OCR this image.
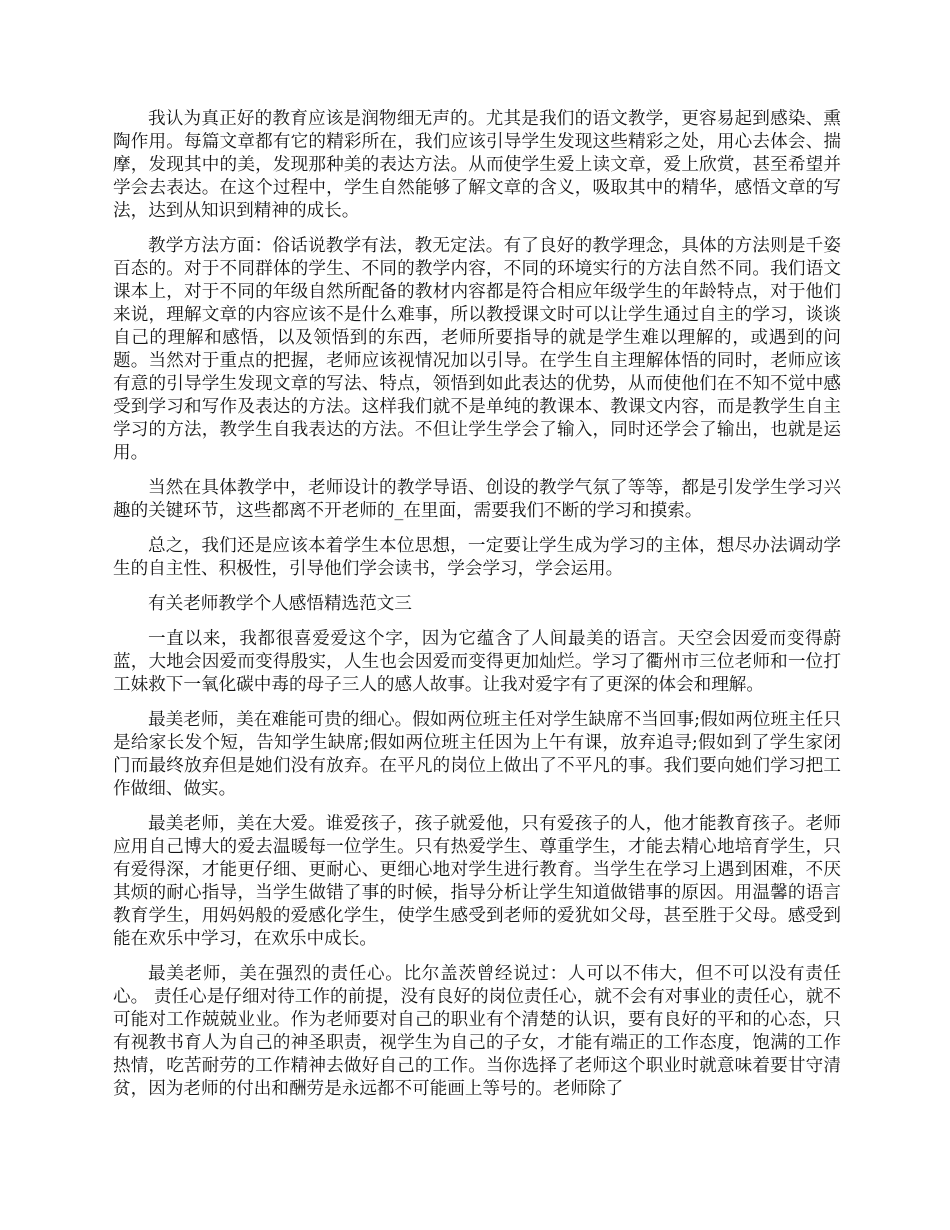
我认为真正好的教育应该是润物细无声的。尤其是我们的语文教学，更容易起到感染、熏陶作用。每篇文章都有它的精彩所在，我们应该引导学生发现这些精彩之处，用心去体会、揣摩，发现其中的美，发现那种美的表达方法。从而使学生爱上读文章，爱上欣赏，甚至希望并学会去表达。在这个过程中，学生自然能够了解文章的含义，吸取其中的精华，感悟文章的写法，达到从知识到精神的成长。

教学方法方面：俗话说教学有法，教无定法。有了良好的教学理念，具体的方法则是千姿百态的。对于不同群体的学生、不同的教学内容，不同的环境实行的方法自然不同。我们语文课本上，对于不同的年级自然所配备的教材内容都是符合相应年级学生的年龄特点，对于他们来说，理解文章的内容应该不是什么难事，所以教授课文时可以让学生通过自主的学习，谈谈自己的理解和感悟，以及领悟到的东西，老师所要指导的就是学生难以理解的，或遇到的问题。当然对于重点的把握，老师应该视情况加以引导。在学生自主理解体悟的同时，老师应该有意的引导学生发现文章的写法、特点，领悟到如此表达的优势，从而使他们在不知不觉中感受到学习和写作及表达的方法。这样我们就不是单纯的教课本、教课文内容，而是教学生自主学习的方法，教学生自我表达的方法。不但让学生学会了输入，同时还学会了输出，也就是运用。

当然在具体教学中，老师设计的教学导语、创设的教学气氛了等等，都是引发学生学习兴趣的关键环节，这些都离不开老师的_在里面，需要我们不断的学习和摸索。

总之，我们还是应该本着学生本位思想，一定要让学生成为学习的主体，想尽办法调动学生的自主性、积极性，引导他们学会读书，学会学习，学会运用。

有关老师教学个人感悟精选范文三

一直以来，我都很喜爱爱这个字，因为它蕴含了人间最美的语言。天空会因爱而变得蔚蓝，大地会因爱而变得殷实，人生也会因爱而变得更加灿烂。学习了衢州市三位老师和一位打工妹救下一氧化碳中毒的母子三人的感人故事。让我对爱字有了更深的体会和理解。

最美老师，美在难能可贵的细心。假如两位班主任对学生缺席不当回事;假如两位班主任只是给家长发个短，告知学生缺席;假如两位班主任因为上午有课，放弃追寻;假如到了学生家闭门而最终放弃但是她们没有放弃。在平凡的岗位上做出了不平凡的事。我们要向她们学习把工作做细、做实。

最美老师，美在大爱。谁爱孩子，孩子就爱他，只有爱孩子的人，他才能教育孩子。老师应用自己博大的爱去温暖每一位学生。只有热爱学生、尊重学生，才能去精心地培育学生，只有爱得深，才能更仔细、更耐心、更细心地对学生进行教育。当学生在学习上遇到困难，不厌其烦的耐心指导，当学生做错了事的时候，指导分析让学生知道做错事的原因。用温馨的语言教育学生，用妈妈般的爱感化学生，使学生感受到老师的爱犹如父母，甚至胜于父母。感受到能在欢乐中学习，在欢乐中成长。

最美老师，美在强烈的责任心。比尔盖茨曾经说过：人可以不伟大，但不可以没有责任心。 责任心是仔细对待工作的前提，没有良好的岗位责任心，就不会有对事业的责任心，就不可能对工作兢兢业业。作为老师要对自己的职业有个清楚的认识，要有良好的平和的心态，只有视教书育人为自己的神圣职责，视学生为自己的子女，才能有端正的工作态度，饱满的工作热情，吃苦耐劳的工作精神去做好自己的工作。当你选择了老师这个职业时就意味着要甘守清贫，因为老师的付出和酬劳是永远都不可能画上等号的。老师除了
